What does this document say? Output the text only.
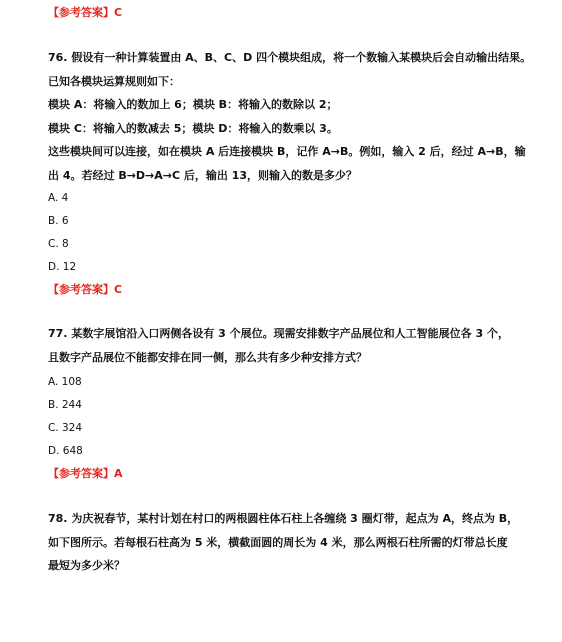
【参考答案】C

76. 假设有一种计算装置由 A、B、C、D 四个模块组成，将一个数输入某模块后会自动输出结果。

已知各模块运算规则如下：

模块 A：将输入的数加上 6；模块 B：将输入的数除以 2；

模块 C：将输入的数减去 5；模块 D：将输入的数乘以 3。

这些模块间可以连接，如在模块 A 后连接模块 B，记作 A→B。例如，输入 2 后，经过 A→B，输

出 4。若经过 B→D→A→C 后，输出 13，则输入的数是多少？

A. 4
B. 6
C. 8
D. 12
【参考答案】C

77. 某数字展馆沿入口两侧各设有 3 个展位。现需安排数字产品展位和人工智能展位各 3 个，

且数字产品展位不能都安排在同一侧，那么共有多少种安排方式？

A. 108
B. 244
C. 324
D. 648
【参考答案】A

78. 为庆祝春节，某村计划在村口的两根圆柱体石柱上各缠绕 3 圈灯带，起点为 A，终点为 B，

如下图所示。若每根石柱高为 5 米，横截面圆的周长为 4 米，那么两根石柱所需的灯带总长度

最短为多少米？
